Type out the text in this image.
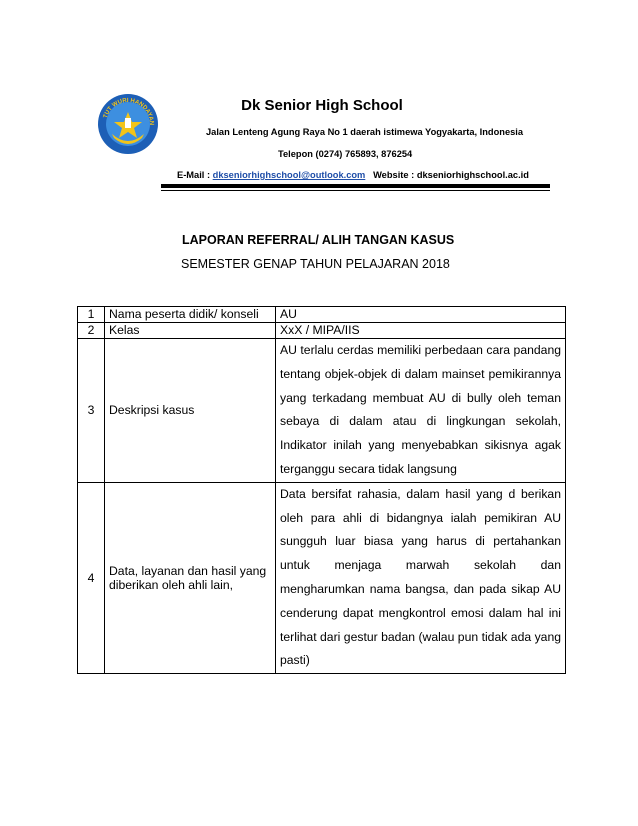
TUT WURI HANDAYAN
Dk Senior High School
Jalan Lenteng Agung Raya No 1 daerah istimewa Yogyakarta, Indonesia
Telepon (0274) 765893, 876254
E-Mail : dkseniorhighschool@outlook.com Website : dkseniorhighschool.ac.id
LAPORAN REFERRAL/ ALIH TANGAN KASUS
SEMESTER GENAP TAHUN PELAJARAN 2018
1	Nama peserta didik/ konseli	AU
2	Kelas	XxX / MIPA/IIS
3	Deskripsi kasus	AU terlalu cerdas memiliki perbedaan cara pandang tentang objek-objek di dalam mainset pemikirannya yang terkadang membuat AU di bully oleh teman sebaya di dalam atau di lingkungan sekolah, Indikator inilah yang menyebabkan sikisnya agak terganggu secara tidak langsung
4	Data, layanan dan hasil yang diberikan oleh ahli lain,	Data bersifat rahasia, dalam hasil yang d berikan oleh para ahli di bidangnya ialah pemikiran AU sungguh luar biasa yang harus di pertahankan untuk menjaga marwah sekolah dan mengharumkan nama bangsa, dan pada sikap AU cenderung dapat mengkontrol emosi dalam hal ini terlihat dari gestur badan (walau pun tidak ada yang pasti)
